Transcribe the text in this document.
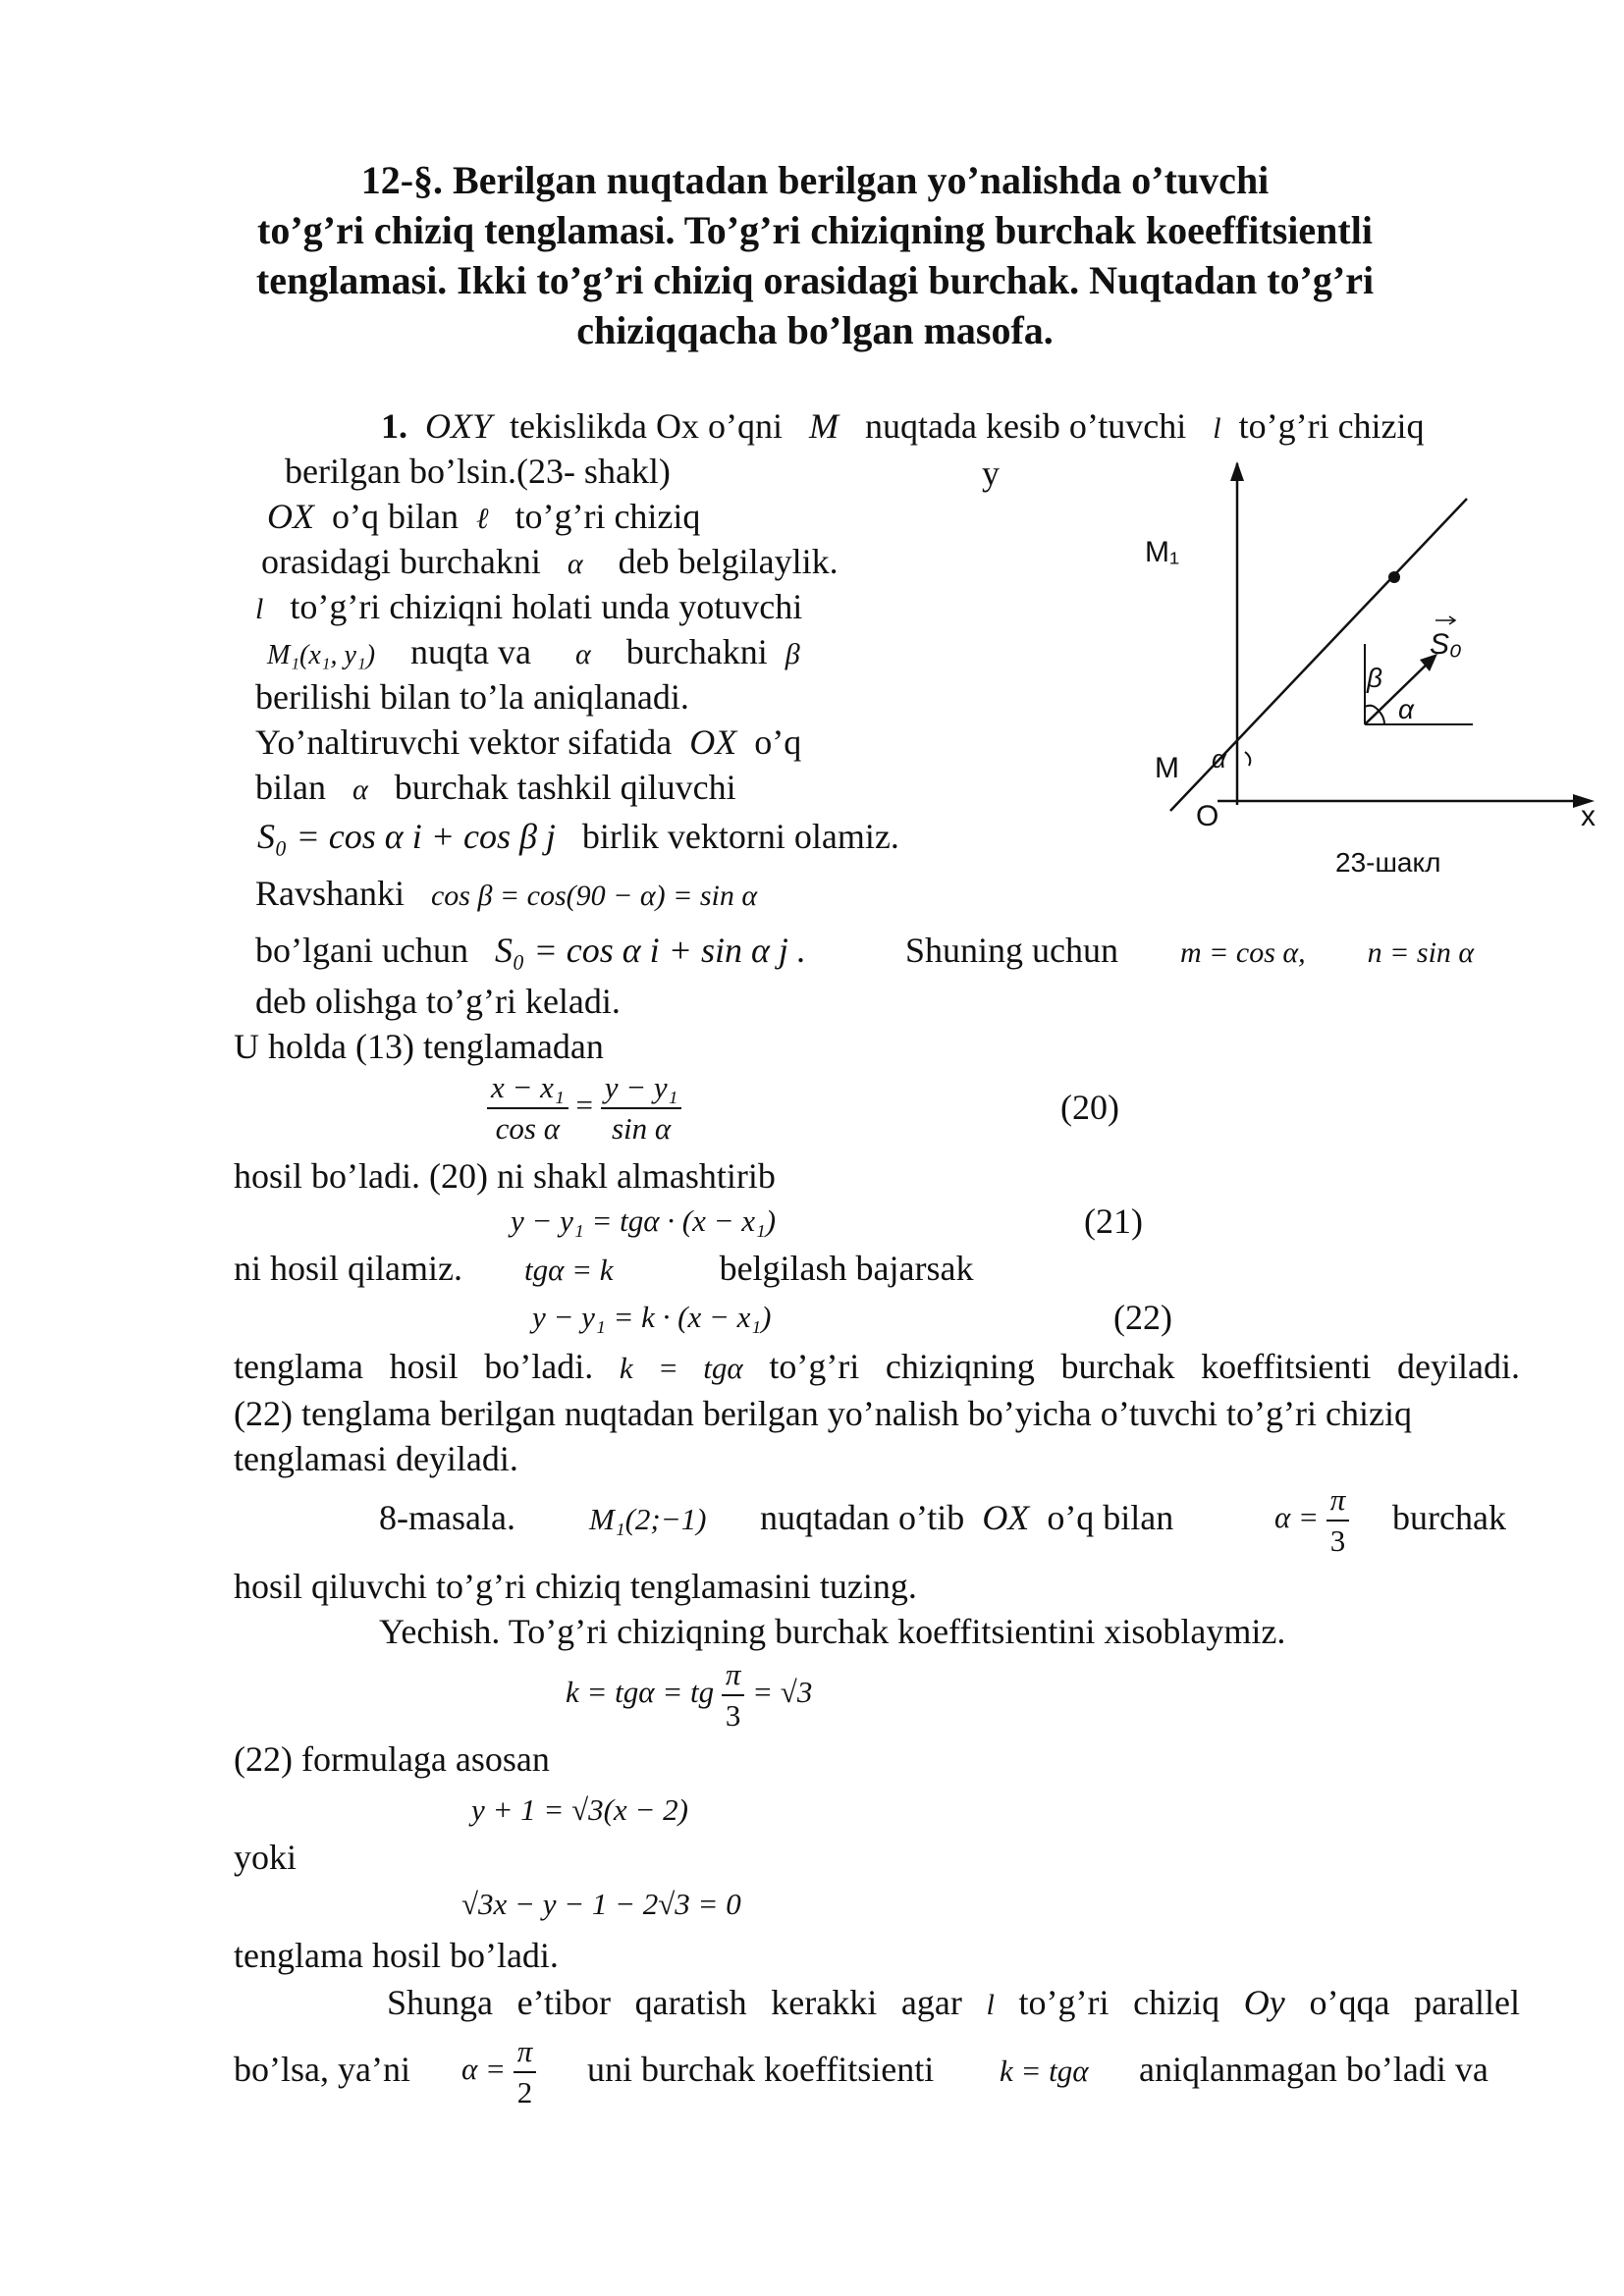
12-§. Berilgan nuqtadan berilgan yo’nalishda o’tuvchi
to’g’ri chiziq tenglamasi. To’g’ri chiziqning burchak koeeffitsientli
tenglamasi. Ikki to’g’ri chiziq orasidagi burchak. Nuqtadan to’g’ri
chiziqqacha bo’lgan masofa.
1. OXY tekislikda Ox o’qni M nuqtada kesib o’tuvchi l to’g’ri chiziq
berilgan bo’lsin.(23- shakl)	y
OX o’q bilan ℓ to’g’ri chiziq
orasidagi burchakni α deb belgilaylik.
l to’g’ri chiziqni holati unda yotuvchi
M₁(x₁, y₁) nuqta va α burchakni β
berilishi bilan to’la aniqlanadi.
Yo’naltiruvchi vektor sifatida OX o’q
bilan α burchak tashkil qiluvchi
S₀ = cos α i + cos β j birlik vektorni olamiz.
Ravshanki cos β = cos(90 − α) = sin α
bo’lgani uchun S₀ = cos α i + sin α j .	Shuning uchun m = cos α, n = sin α
deb olishga to’g’ri keladi.
U holda (13) tenglamadan
$\frac{\text{x − x₁}}{\text{cos α}} = \frac{\text{y − y₁}}{\text{sin α}}$	(20)
hosil bo’ladi. (20) ni shakl almashtirib
y − y₁ = tgα · (x − x₁)	(21)
ni hosil qilamiz. tgα = k	belgilash bajarsak
y − y₁ = k · (x − x₁)	(22)
tenglama hosil bo’ladi. k = tgα to’g’ri chiziqning burchak koeffitsienti deyiladi.
(22) tenglama berilgan nuqtadan berilgan yo’nalish bo’yicha o’tuvchi to’g’ri chiziq
tenglamasi deyiladi.
8-masala. M₁(2;−1) nuqtadan o’tib OX o’q bilan	$\alpha = \frac{\pi}{3}$ burchak
hosil qiluvchi to’g’ri chiziq tenglamasini tuzing.
Yechish. To’g’ri chiziqning burchak koeffitsientini xisoblaymiz.
k = tgα = tg $\frac{\pi}{3} = √3$
(22) formulaga asosan
y + 1 = √3(x − 2)
yoki
√3x − y − 1 − 2√3 = 0
tenglama hosil bo’ladi.
Shunga e’tibor qaratish kerakki agar l to’g’ri chiziq Oy o’qqa parallel
bo’lsa, ya’ni $\alpha = \frac{\pi}{2}$ uni burchak koeffitsienti k = tgα aniqlanmagan bo’ladi va
x
O
M
M₁
S₀
α
β
α
23-шакл
